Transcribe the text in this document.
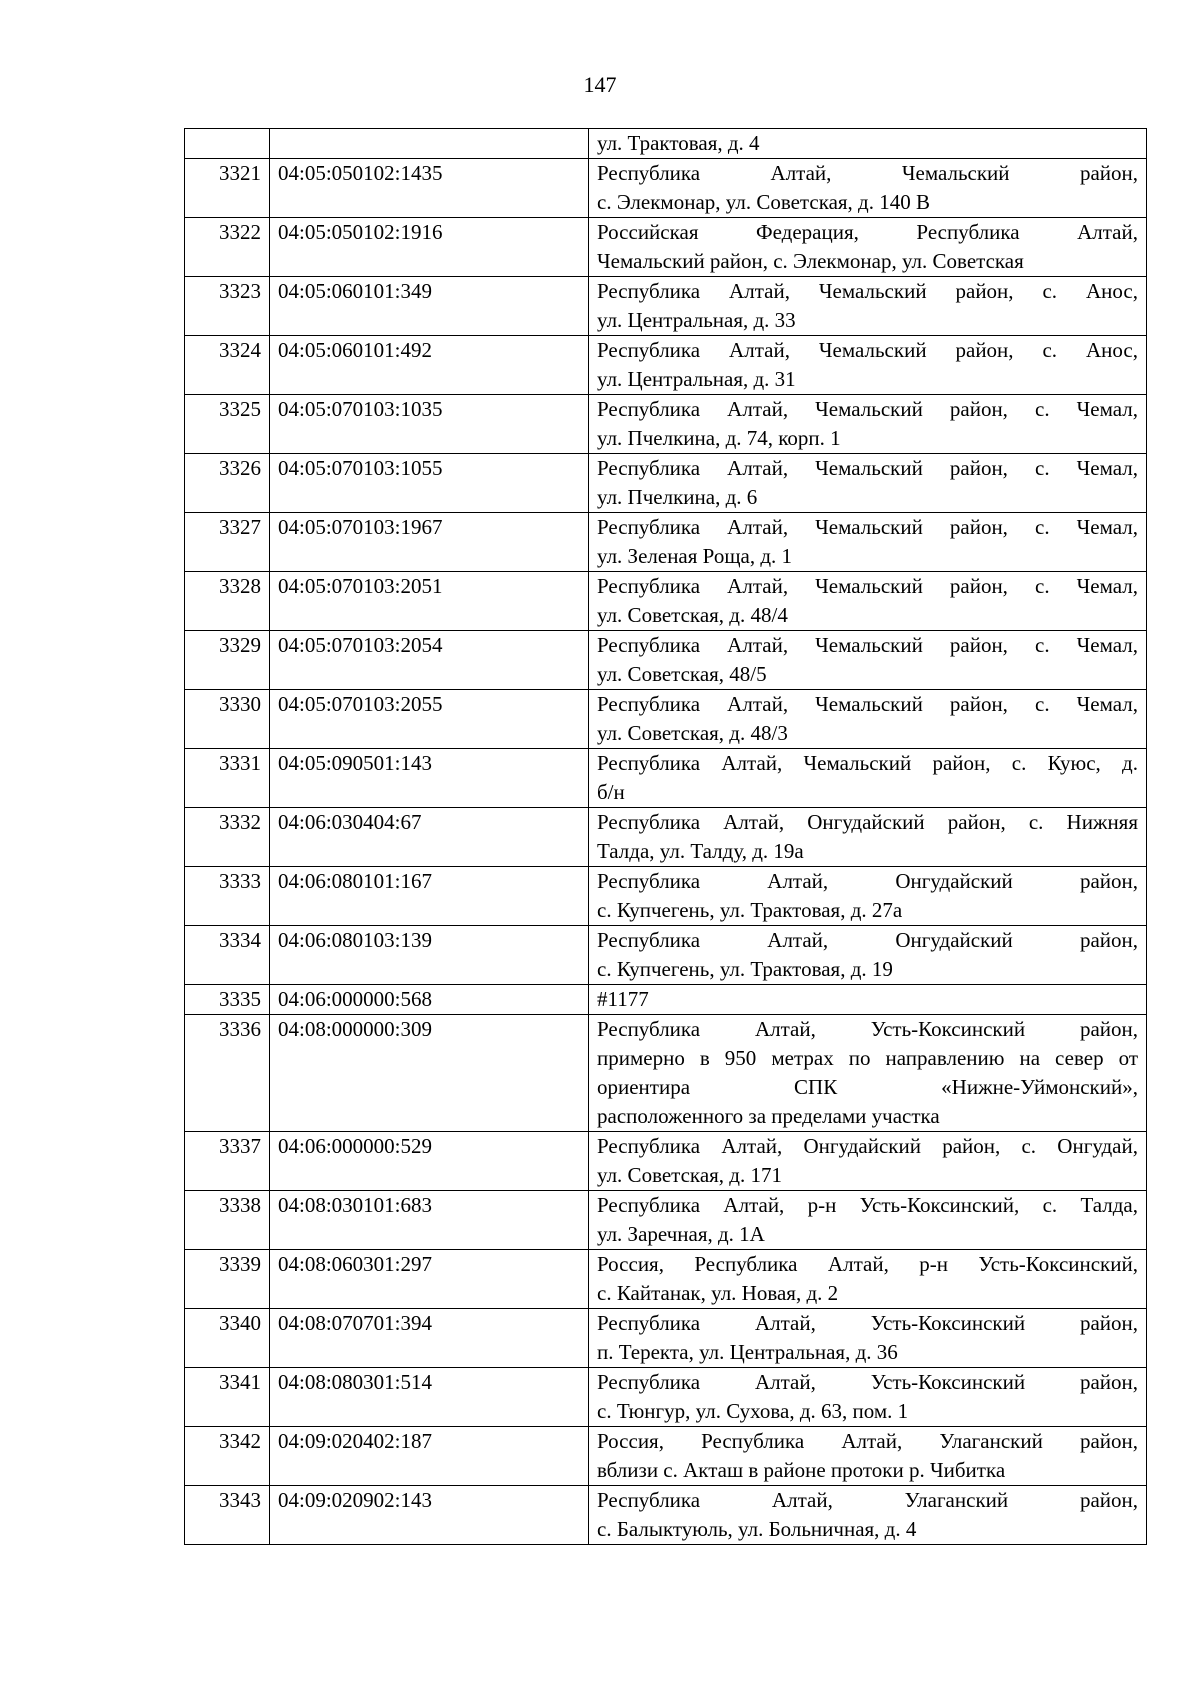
147

		ул. Трактовая, д. 4

3321	04:05:050102:1435	Республика Алтай, Чемальский район,
с. Элекмонар, ул. Советская, д. 140 В

3322	04:05:050102:1916	Российская Федерация, Республика Алтай,
Чемальский район, с. Элекмонар, ул. Советская

3323	04:05:060101:349	Республика Алтай, Чемальский район, с. Анос,
ул. Центральная, д. 33

3324	04:05:060101:492	Республика Алтай, Чемальский район, с. Анос,
ул. Центральная, д. 31

3325	04:05:070103:1035	Республика Алтай, Чемальский район, с. Чемал,
ул. Пчелкина, д. 74, корп. 1

3326	04:05:070103:1055	Республика Алтай, Чемальский район, с. Чемал,
ул. Пчелкина, д. 6

3327	04:05:070103:1967	Республика Алтай, Чемальский район, с. Чемал,
ул. Зеленая Роща, д. 1

3328	04:05:070103:2051	Республика Алтай, Чемальский район, с. Чемал,
ул. Советская, д. 48/4

3329	04:05:070103:2054	Республика Алтай, Чемальский район, с. Чемал,
ул. Советская, 48/5

3330	04:05:070103:2055	Республика Алтай, Чемальский район, с. Чемал,
ул. Советская, д. 48/3

3331	04:05:090501:143	Республика Алтай, Чемальский район, с. Куюс, д.
б/н

3332	04:06:030404:67	Республика Алтай, Онгудайский район, с. Нижняя
Талда, ул. Талду, д. 19а

3333	04:06:080101:167	Республика Алтай, Онгудайский район,
с. Купчегень, ул. Трактовая, д. 27а

3334	04:06:080103:139	Республика Алтай, Онгудайский район,
с. Купчегень, ул. Трактовая, д. 19

3335	04:06:000000:568	#1177

3336	04:08:000000:309	Республика Алтай, Усть-Коксинский район,
примерно в 950 метрах по направлению на север от
ориентира СПК «Нижне-Уймонский»,
расположенного за пределами участка

3337	04:06:000000:529	Республика Алтай, Онгудайский район, с. Онгудай,
ул. Советская, д. 171

3338	04:08:030101:683	Республика Алтай, р-н Усть-Коксинский, с. Талда,
ул. Заречная, д. 1А

3339	04:08:060301:297	Россия, Республика Алтай, р-н Усть-Коксинский,
с. Кайтанак, ул. Новая, д. 2

3340	04:08:070701:394	Республика Алтай, Усть-Коксинский район,
п. Теректа, ул. Центральная, д. 36

3341	04:08:080301:514	Республика Алтай, Усть-Коксинский район,
с. Тюнгур, ул. Сухова, д. 63, пом. 1

3342	04:09:020402:187	Россия, Республика Алтай, Улаганский район,
вблизи с. Акташ в районе протоки р. Чибитка

3343	04:09:020902:143	Республика Алтай, Улаганский район,
с. Балыктуюль, ул. Больничная, д. 4
